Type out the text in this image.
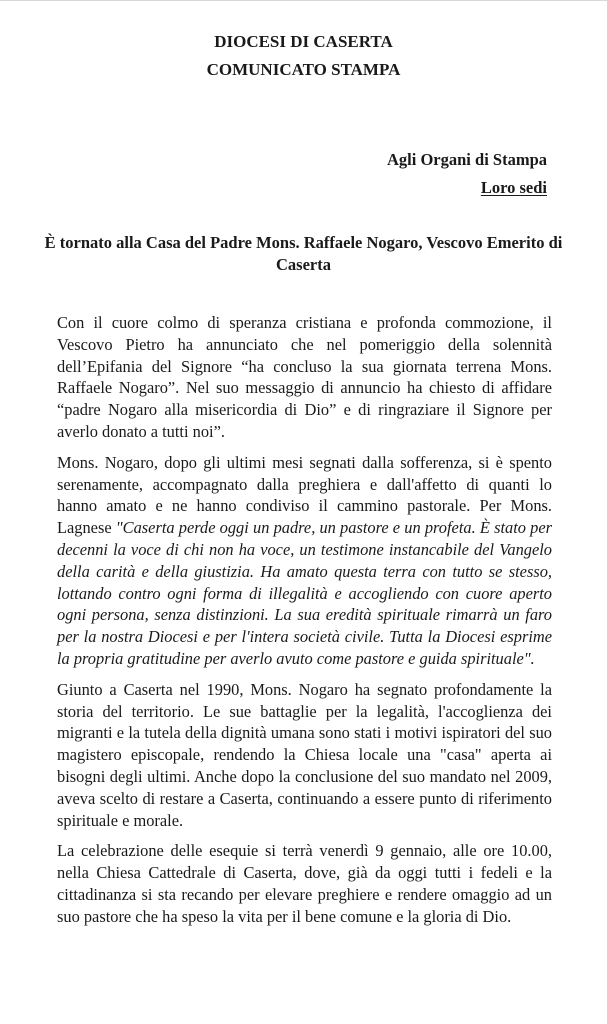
DIOCESI DI CASERTA
COMUNICATO STAMPA
Agli Organi di Stampa
Loro sedi
È tornato alla Casa del Padre Mons. Raffaele Nogaro, Vescovo Emerito di Caserta

Con il cuore colmo di speranza cristiana e profonda commozione, il Vescovo Pietro ha annunciato che nel pomeriggio della solennità dell’Epifania del Signore “ha concluso la sua giornata terrena Mons. Raffaele Nogaro”. Nel suo messaggio di annuncio ha chiesto di affidare “padre Nogaro alla misericordia di Dio” e di ringraziare il Signore per averlo donato a tutti noi”.

Mons. Nogaro, dopo gli ultimi mesi segnati dalla sofferenza, si è spento serenamente, accompagnato dalla preghiera e dall'affetto di quanti lo hanno amato e ne hanno condiviso il cammino pastorale. Per Mons. Lagnese "Caserta perde oggi un padre, un pastore e un profeta. È stato per decenni la voce di chi non ha voce, un testimone instancabile del Vangelo della carità e della giustizia. Ha amato questa terra con tutto se stesso, lottando contro ogni forma di illegalità e accogliendo con cuore aperto ogni persona, senza distinzioni. La sua eredità spirituale rimarrà un faro per la nostra Diocesi e per l'intera società civile. Tutta la Diocesi esprime la propria gratitudine per averlo avuto come pastore e guida spirituale".

Giunto a Caserta nel 1990, Mons. Nogaro ha segnato profondamente la storia del territorio. Le sue battaglie per la legalità, l'accoglienza dei migranti e la tutela della dignità umana sono stati i motivi ispiratori del suo magistero episcopale, rendendo la Chiesa locale una "casa" aperta ai bisogni degli ultimi. Anche dopo la conclusione del suo mandato nel 2009, aveva scelto di restare a Caserta, continuando a essere punto di riferimento spirituale e morale.

La celebrazione delle esequie si terrà venerdì 9 gennaio, alle ore 10.00, nella Chiesa Cattedrale di Caserta, dove, già da oggi tutti i fedeli e la cittadinanza si sta recando per elevare preghiere e rendere omaggio ad un suo pastore che ha speso la vita per il bene comune e la gloria di Dio.
